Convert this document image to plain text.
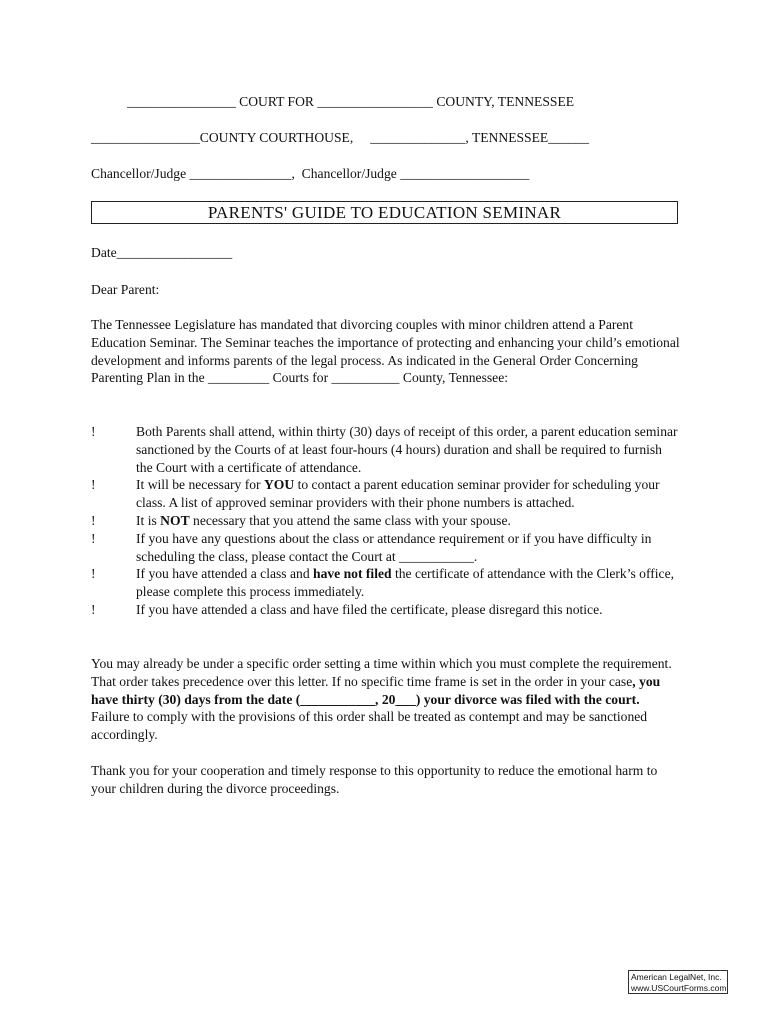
________________ COURT FOR _________________ COUNTY, TENNESSEE
________________COUNTY COURTHOUSE,     ______________, TENNESSEE______
Chancellor/Judge _______________,  Chancellor/Judge ___________________
PARENTS' GUIDE TO EDUCATION SEMINAR
Date_________________
Dear Parent:
The Tennessee Legislature has mandated that divorcing couples with minor children attend a Parent Education Seminar. The Seminar teaches the importance of protecting and enhancing your child’s emotional development and informs parents of the legal process. As indicated in the General Order Concerning Parenting Plan in the _________ Courts for __________ County, Tennessee:
!	Both Parents shall attend, within thirty (30) days of receipt of this order, a parent education seminar sanctioned by the Courts of at least four-hours (4 hours) duration and shall be required to furnish the Court with a certificate of attendance.
!	It will be necessary for YOU to contact a parent education seminar provider for scheduling your class. A list of approved seminar providers with their phone numbers is attached.
!	It is NOT necessary that you attend the same class with your spouse.
!	If you have any questions about the class or attendance requirement or if you have difficulty in scheduling the class, please contact the Court at ___________.
!	If you have attended a class and have not filed the certificate of attendance with the Clerk’s office, please complete this process immediately.
!	If you have attended a class and have filed the certificate, please disregard this notice.
You may already be under a specific order setting a time within which you must complete the requirement. That order takes precedence over this letter. If no specific time frame is set in the order in your case, you have thirty (30) days from the date (___________, 20___) your divorce was filed with the court. Failure to comply with the provisions of this order shall be treated as contempt and may be sanctioned accordingly.
Thank you for your cooperation and timely response to this opportunity to reduce the emotional harm to your children during the divorce proceedings.
American LegalNet, Inc.
www.USCourtForms.com
